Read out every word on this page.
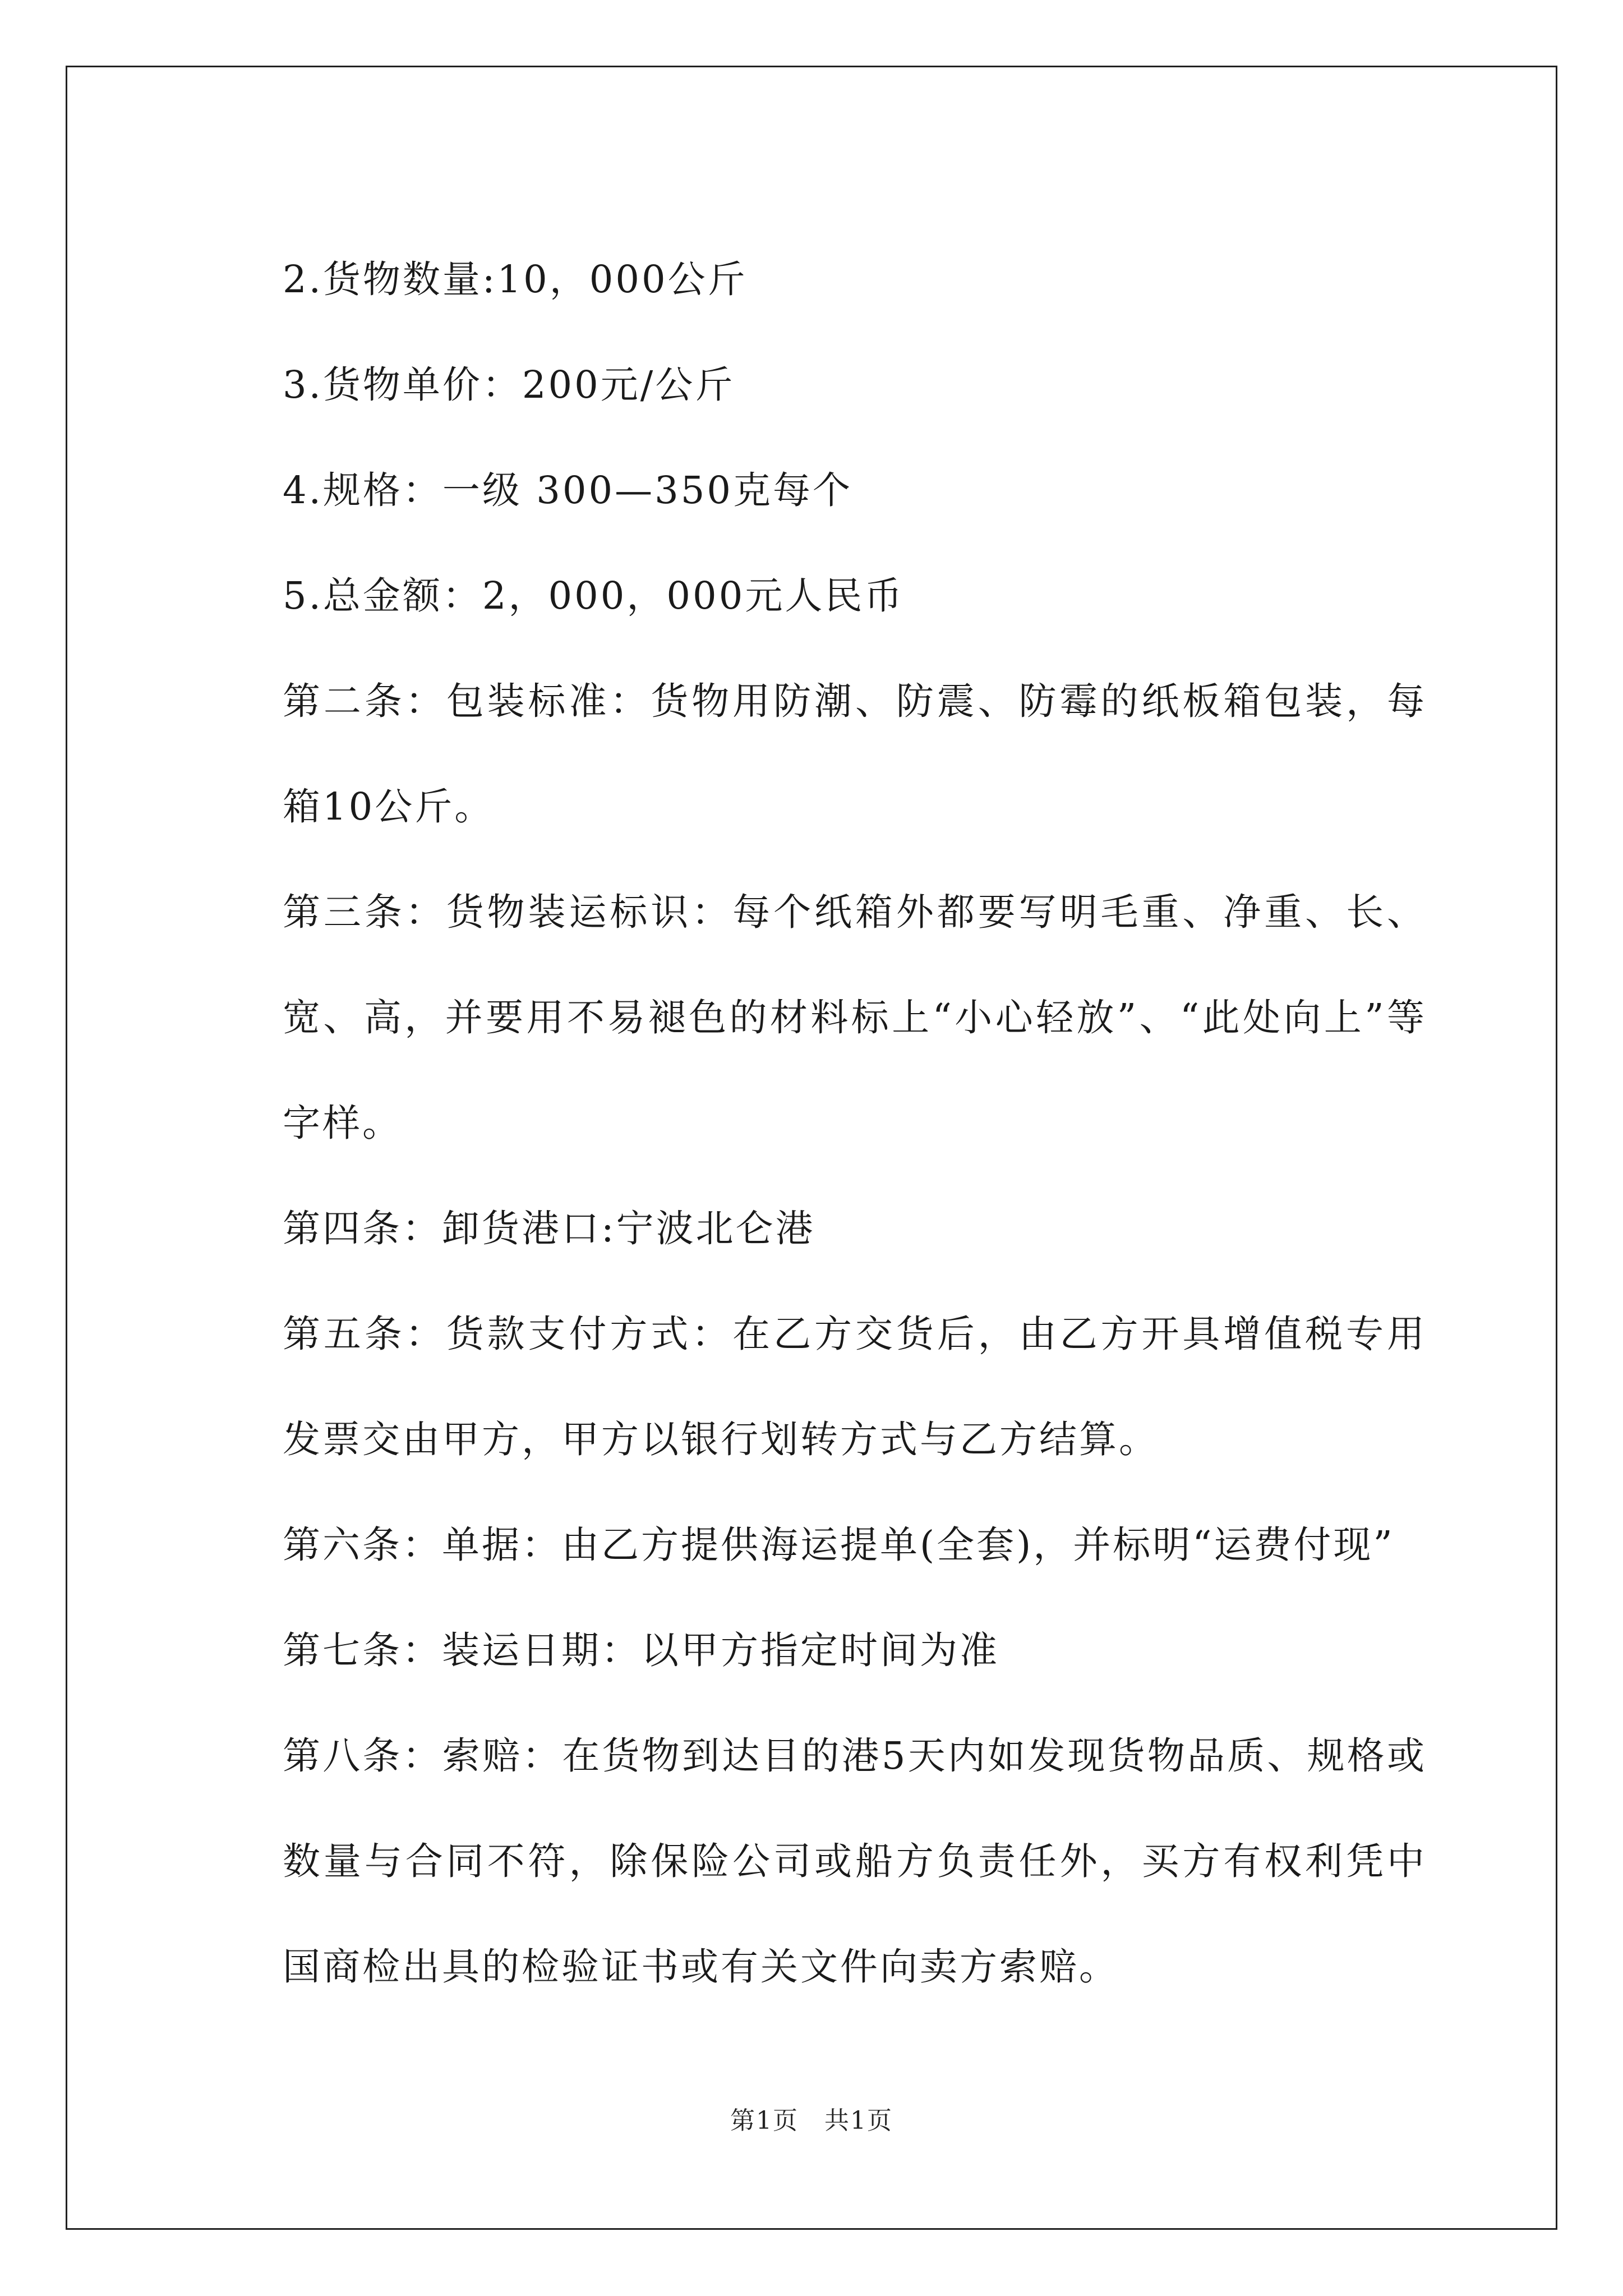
2.货物数量:10，000公斤

3.货物单价：200元/公斤

4.规格：一级 300—350克每个

5.总金额：2，000，000元人民币

第二条：包装标准：货物用防潮、防震、防霉的纸板箱包装，每箱10公斤。

第三条：货物装运标识：每个纸箱外都要写明毛重、净重、长、宽、高，并要用不易褪色的材料标上“小心轻放”、“此处向上”等字样。

第四条：卸货港口:宁波北仑港

第五条：货款支付方式：在乙方交货后，由乙方开具增值税专用发票交由甲方，甲方以银行划转方式与乙方结算。

第六条：单据：由乙方提供海运提单(全套)，并标明“运费付现”

第七条：装运日期：以甲方指定时间为准

第八条：索赔：在货物到达目的港5天内如发现货物品质、规格或数量与合同不符，除保险公司或船方负责任外，买方有权利凭中国商检出具的检验证书或有关文件向卖方索赔。

第1页　共1页
